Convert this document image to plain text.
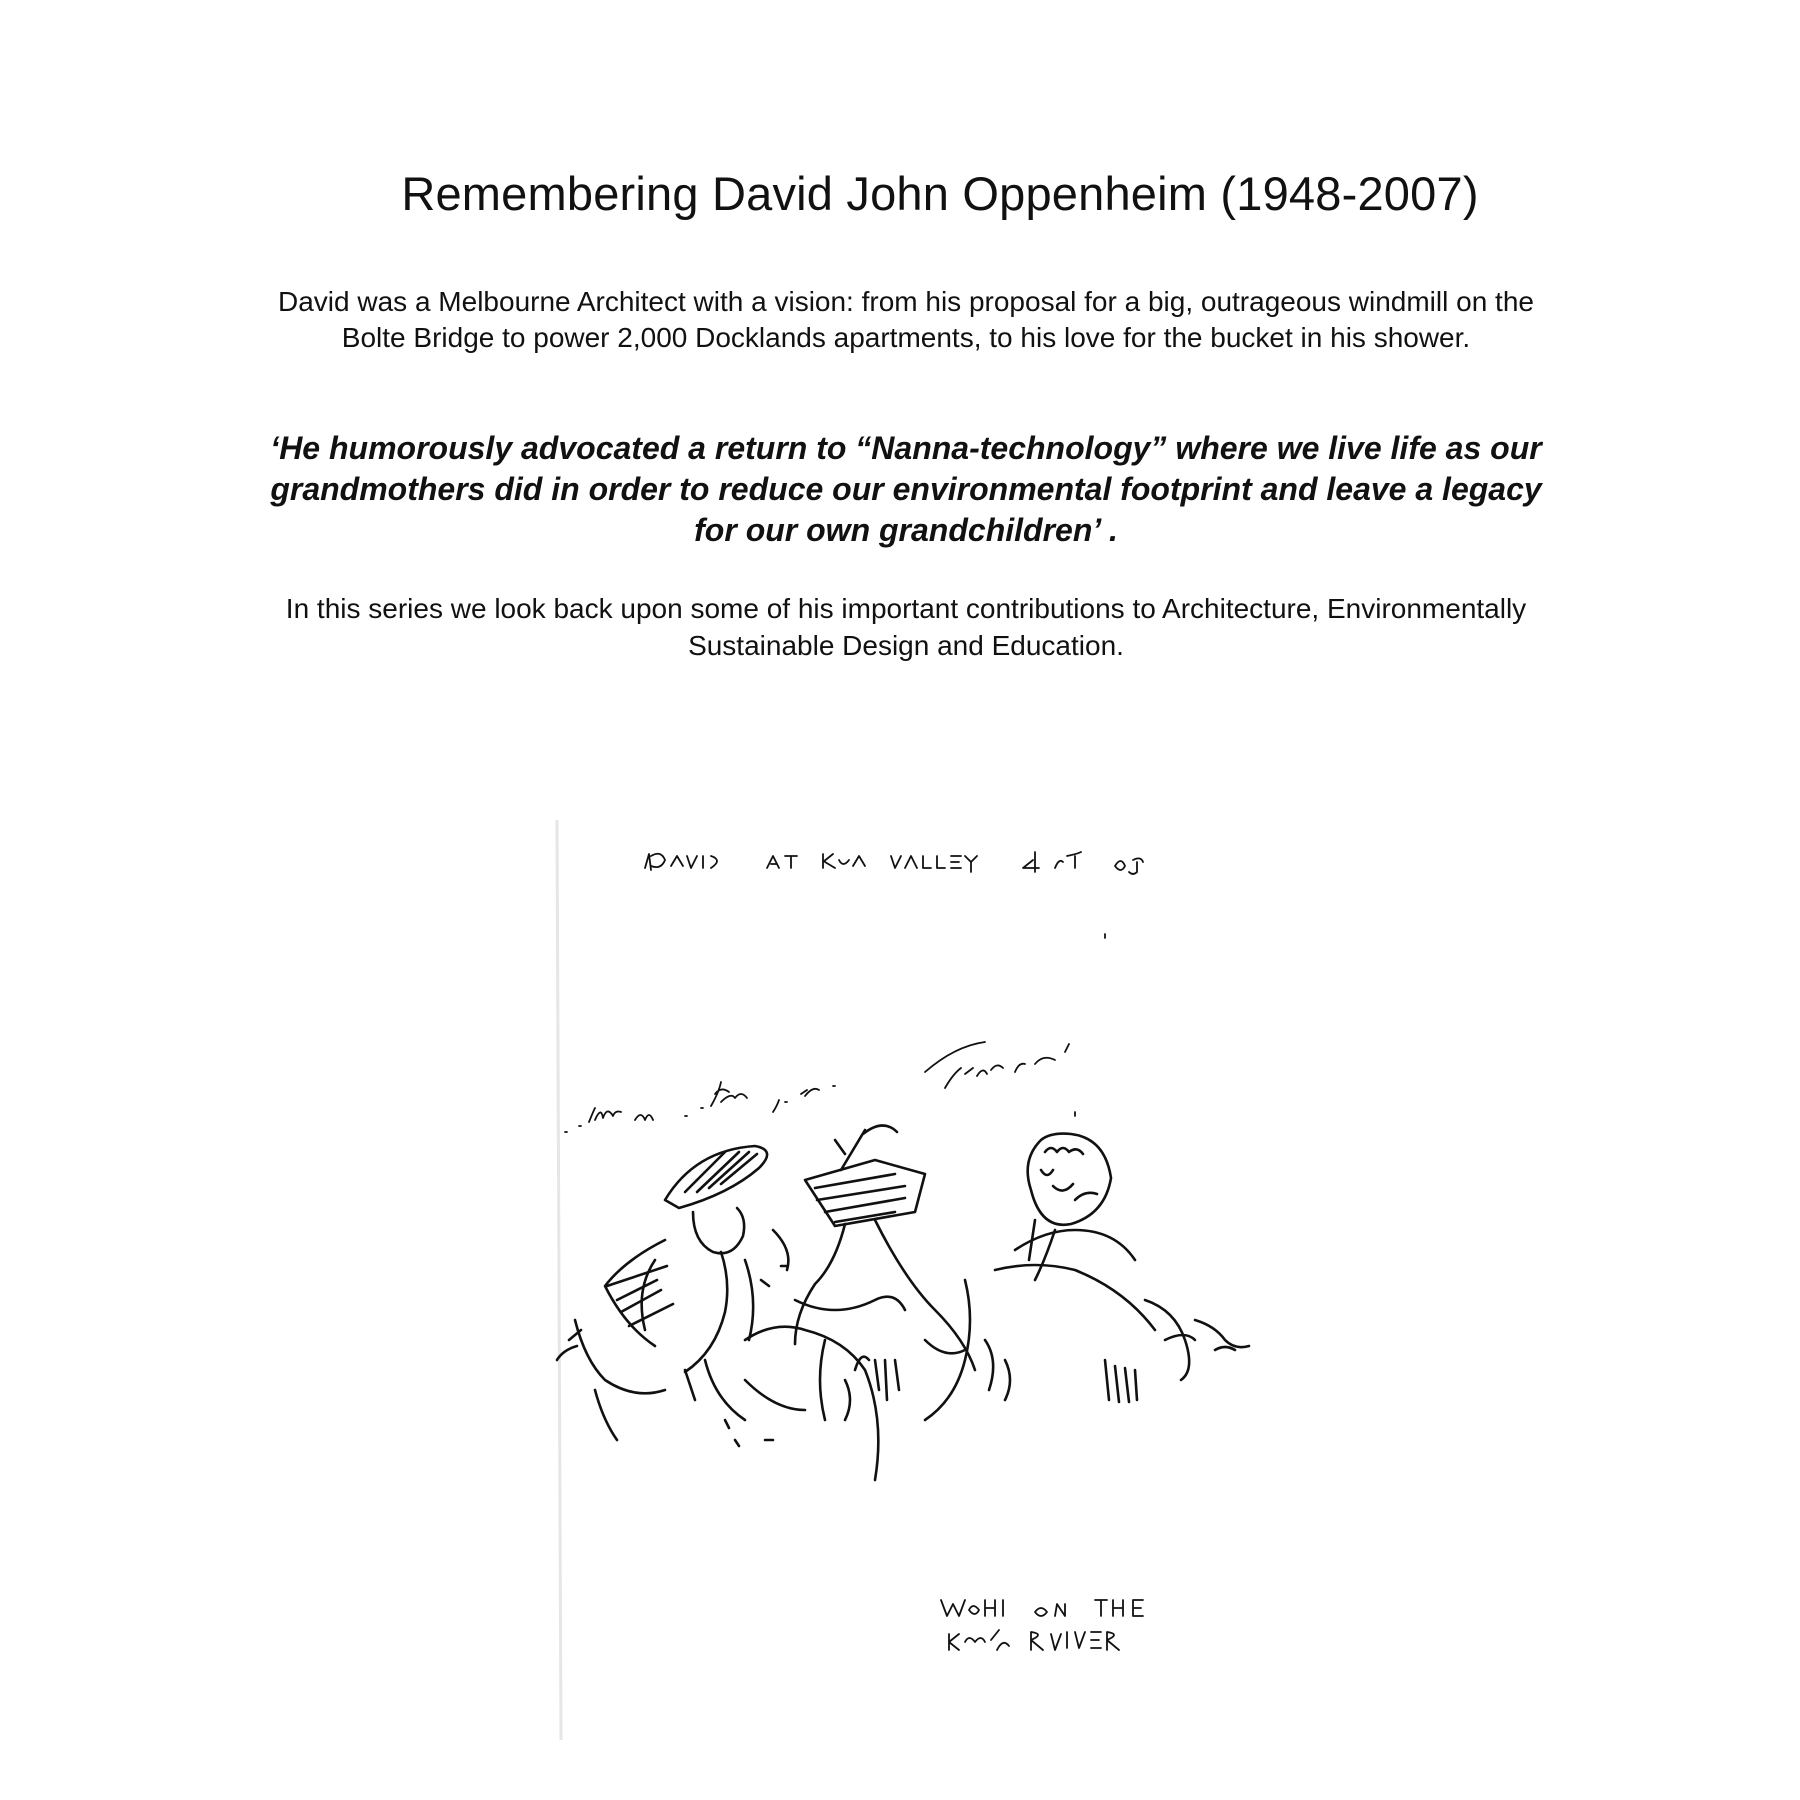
Remembering David John Oppenheim (1948-2007)

David was a Melbourne Architect with a vision: from his proposal for a big, outrageous windmill on the Bolte Bridge to power 2,000 Docklands apartments, to his love for the bucket in his shower.

‘He humorously advocated a return to “Nanna-technology” where we live life as our grandmothers did in order to reduce our environmental footprint and leave a legacy for our own grandchildren’ .

In this series we look back upon some of his important contributions to Architecture, Environmentally Sustainable Design and Education.
